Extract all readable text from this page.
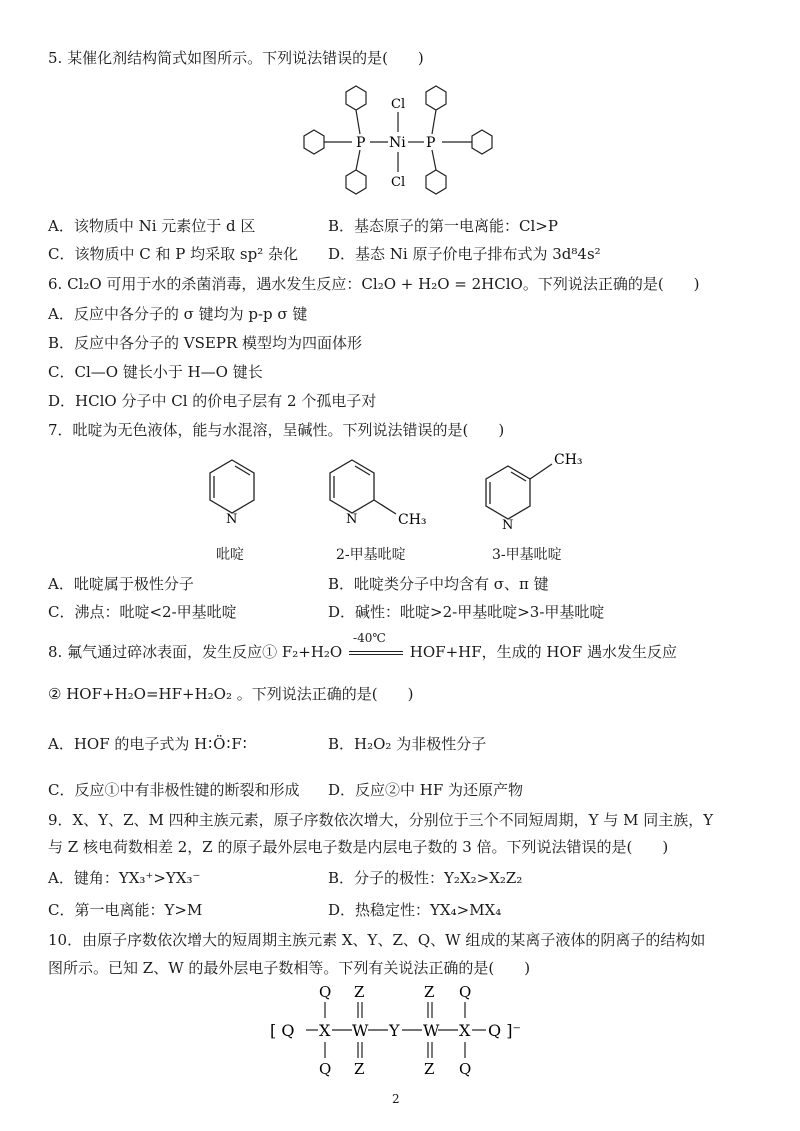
5. 某催化剂结构简式如图所示。下列说法错误的是(　　)
P Ni P
Cl
Cl
A．该物质中 Ni 元素位于 d 区	B．基态原子的第一电离能：Cl>P
C．该物质中 C 和 P 均采取 sp² 杂化 D．基态 Ni 原子价电子排布式为 3d⁸4s²
6. Cl₂O 可用于水的杀菌消毒，遇水发生反应：Cl₂O + H₂O = 2HClO。下列说法正确的是(　　)
A．反应中各分子的 σ 键均为 p-p σ 键
B．反应中各分子的 VSEPR 模型均为四面体形
C．Cl—O 键长小于 H—O 键长
D．HClO 分子中 Cl 的价电子层有 2 个孤电子对
7．吡啶为无色液体，能与水混溶，呈碱性。下列说法错误的是(　　)
N	N	N
CH₃
CH₃
吡啶	2-甲基吡啶	3-甲基吡啶
A．吡啶属于极性分子	B．吡啶类分子中均含有 σ、π 键
C．沸点：吡啶<2-甲基吡啶	D．碱性：吡啶>2-甲基吡啶>3-甲基吡啶
8. 氟气通过碎冰表面，发生反应① F₂+H₂O
-40℃
HOF+HF，生成的 HOF 遇水发生反应
② HOF+H₂O=HF+H₂O₂ 。下列说法正确的是(　　)
A．HOF 的电子式为 H∶Ö∶F∶	B．H₂O₂ 为非极性分子
C．反应①中有非极性键的断裂和形成 D．反应②中 HF 为还原产物
9．X、Y、Z、M 四种主族元素，原子序数依次增大，分别位于三个不同短周期，Y 与 M 同主族，Y
与 Z 核电荷数相差 2，Z 的原子最外层电子数是内层电子数的 3 倍。下列说法错误的是(　　)
A．键角：YX₃⁺>YX₃⁻	B．分子的极性：Y₂X₂>X₂Z₂
C．第一电离能：Y>M	D．热稳定性：YX₄>MX₄
10．由原子序数依次增大的短周期主族元素 X、Y、Z、Q、W 组成的某离子液体的阴离子的结构如
图所示。已知 Z、W 的最外层电子数相等。下列有关说法正确的是(　　)
[ Q X W Y W X Q ]⁻
Q Z	Z Q
Q Z	Z Q
2
